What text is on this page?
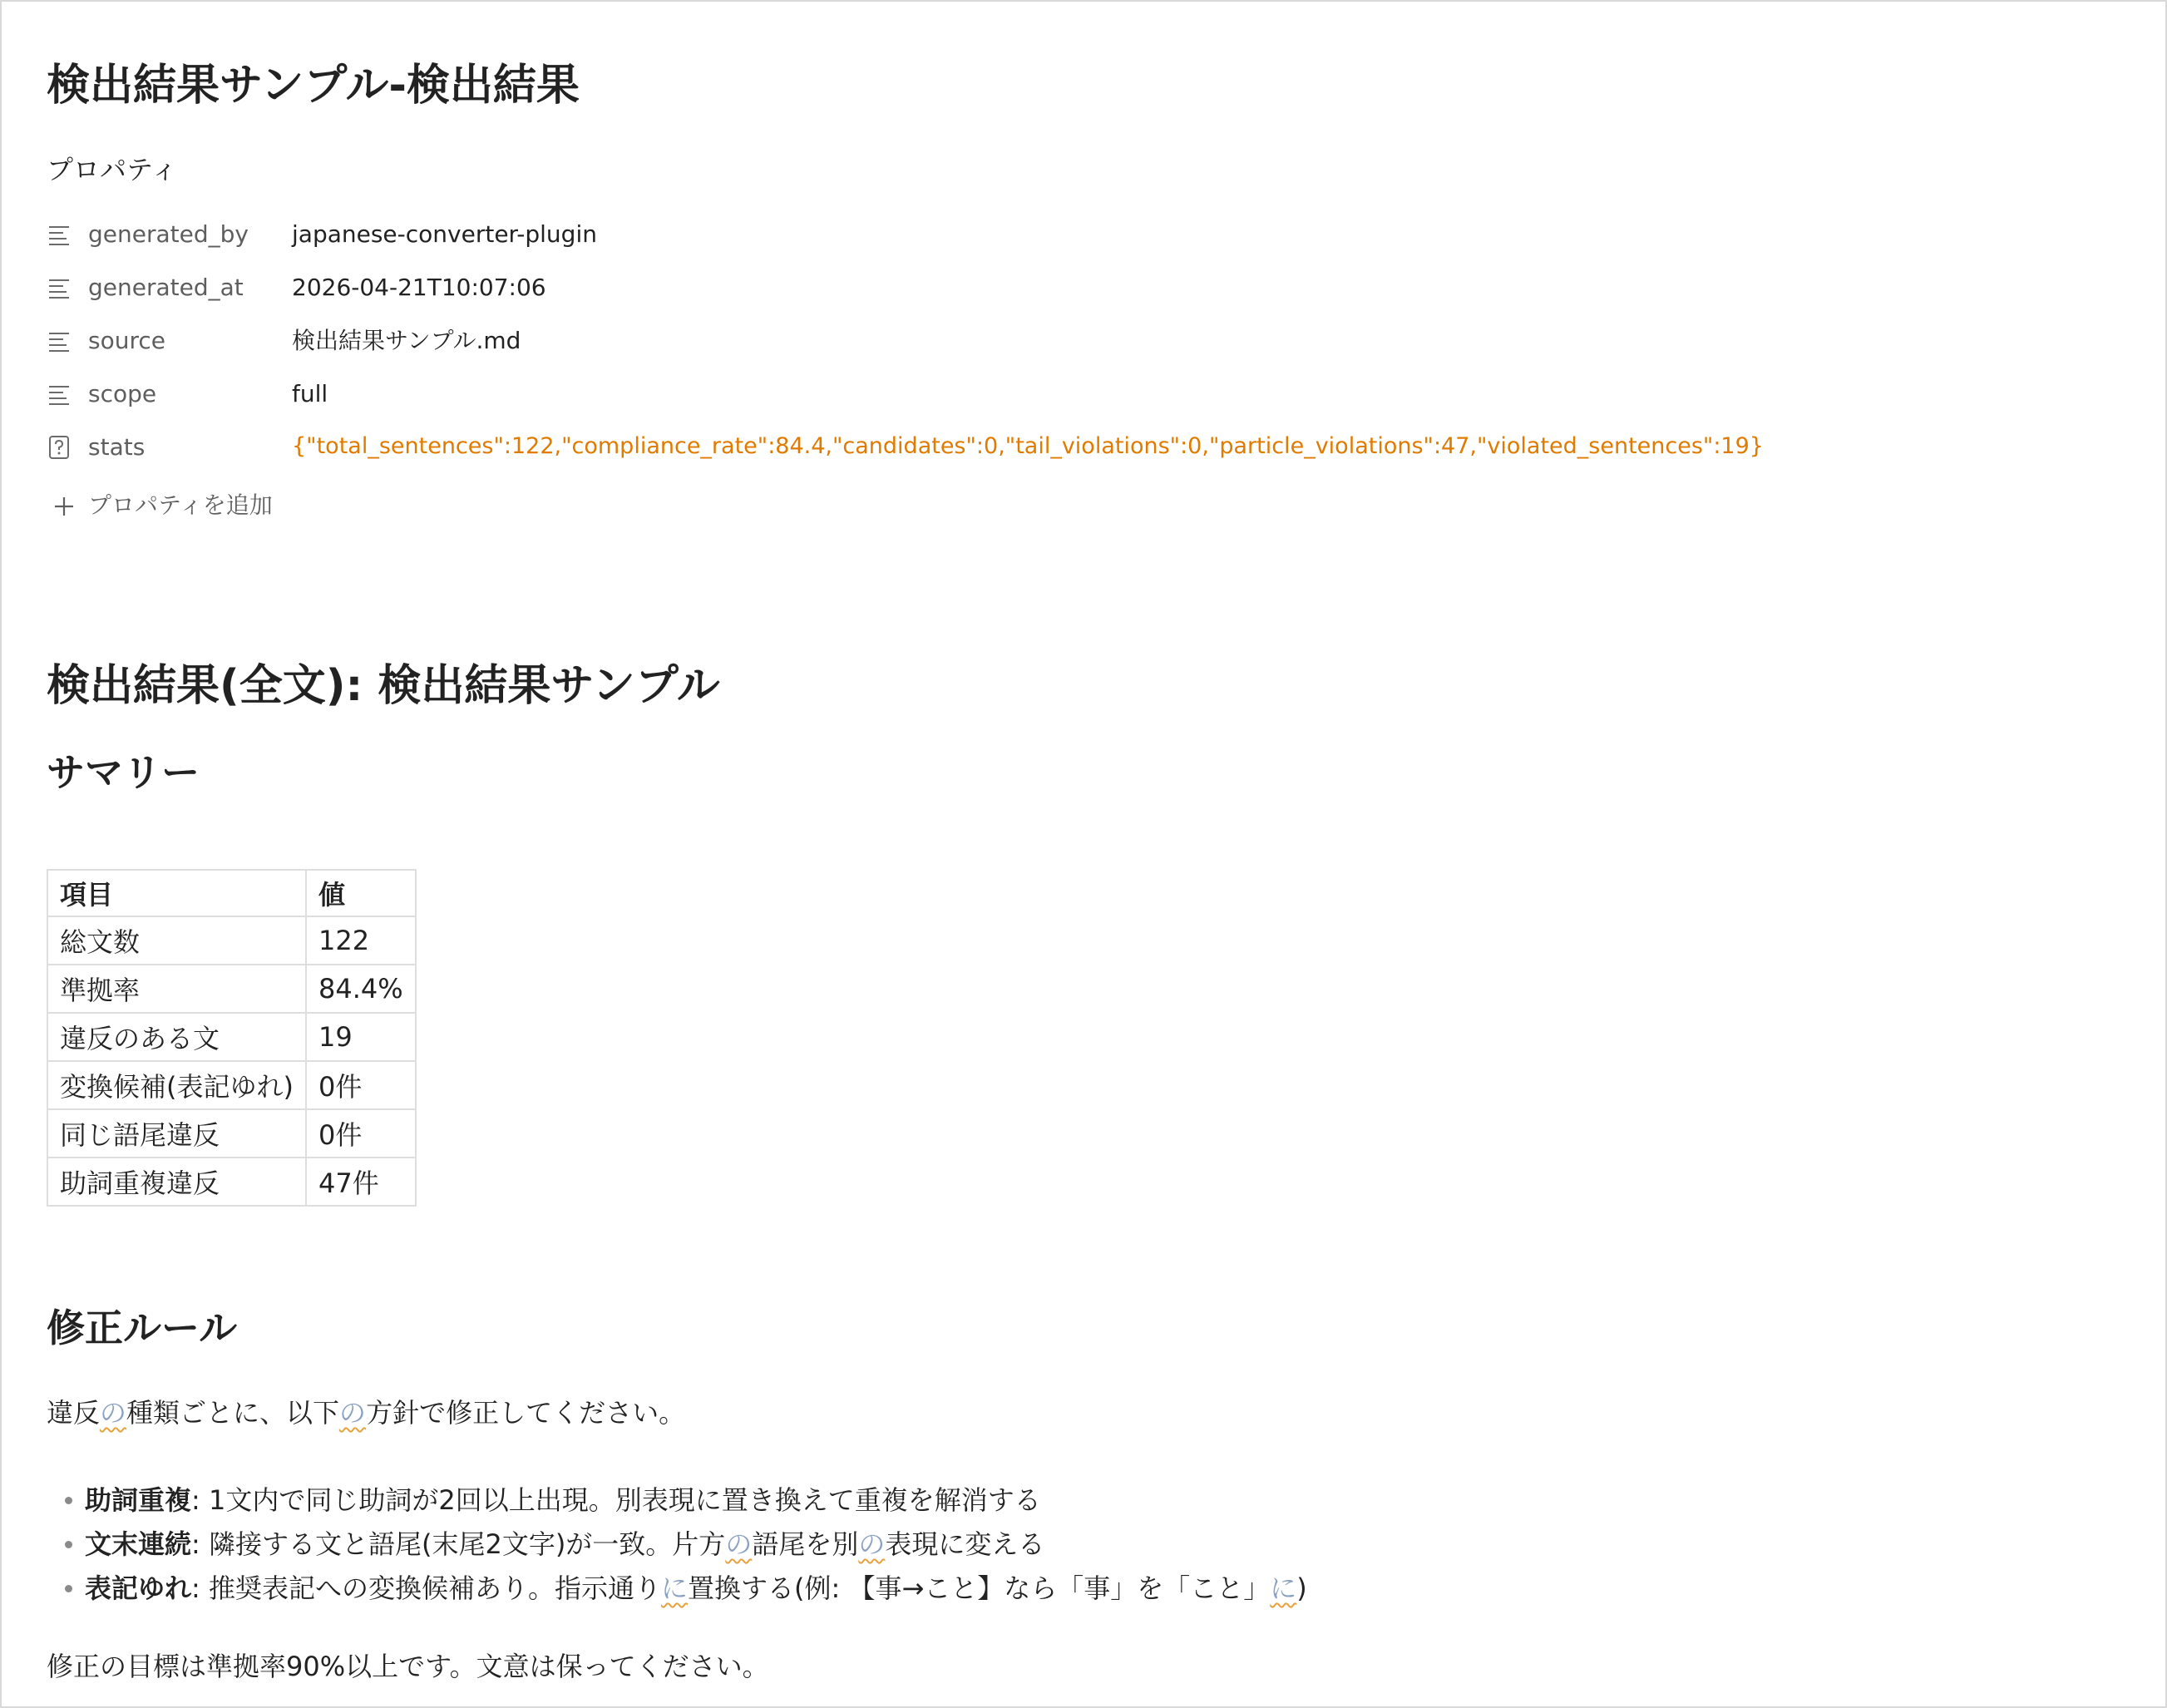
検出結果サンプル-検出結果
プロパティ
generated_by japanese-converter-plugin
generated_at 2026-04-21T10:07:06
source	検出結果サンプル.md
scope	full
stats	{"total_sentences":122,"compliance_rate":84.4,"candidates":0,"tail_violations":0,"particle_violations":47,"violated_sentences":19}
プロパティを追加
検出結果(全文): 検出結果サンプル
サマリー
項目	値
総文数	122
準拠率	84.4%
違反のある文	19
変換候補(表記ゆれ)	0件
同じ語尾違反	0件
助詞重複違反	47件
修正ルール

違反の種類ごとに、以下の方針で修正してください。

助詞重複: 1文内で同じ助詞が2回以上出現。別表現に置き換えて重複を解消する
文末連続: 隣接する文と語尾(末尾2文字)が一致。片方の語尾を別の表現に変える
表記ゆれ: 推奨表記への変換候補あり。指示通りに置換する(例: 【事→こと】なら「事」を「こと」に)

修正の目標は準拠率90%以上です。文意は保ってください。
